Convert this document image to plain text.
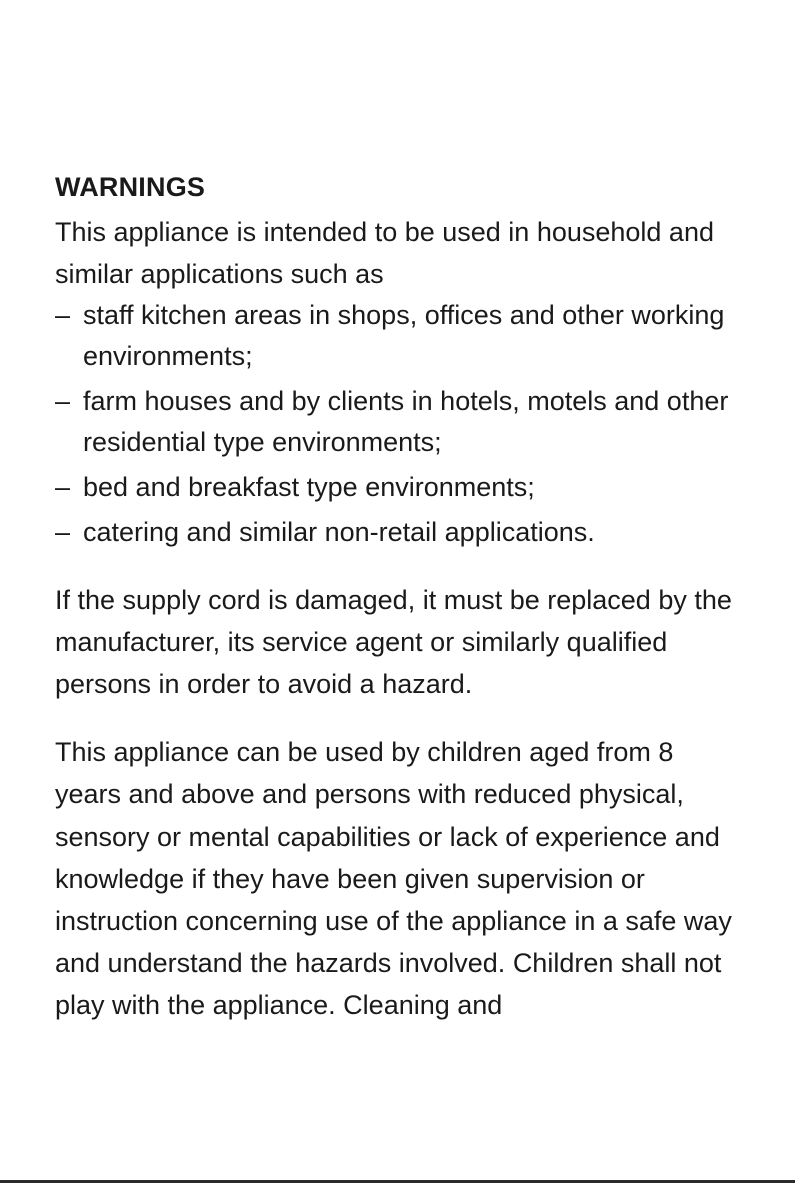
WARNINGS

This appliance is intended to be used in household and similar applications such as

– staff kitchen areas in shops, offices and other working environments;
– farm houses and by clients in hotels, motels and other residential type environments;
– bed and breakfast type environments;
– catering and similar non-retail applications.

If the supply cord is damaged, it must be replaced by the manufacturer, its service agent or similarly qualified persons in order to avoid a hazard.

This appliance can be used by children aged from 8 years and above and persons with reduced physical, sensory or mental capabilities or lack of experience and knowledge if they have been given supervision or instruction concerning use of the appliance in a safe way and understand the hazards involved. Children shall not play with the appliance. Cleaning and
